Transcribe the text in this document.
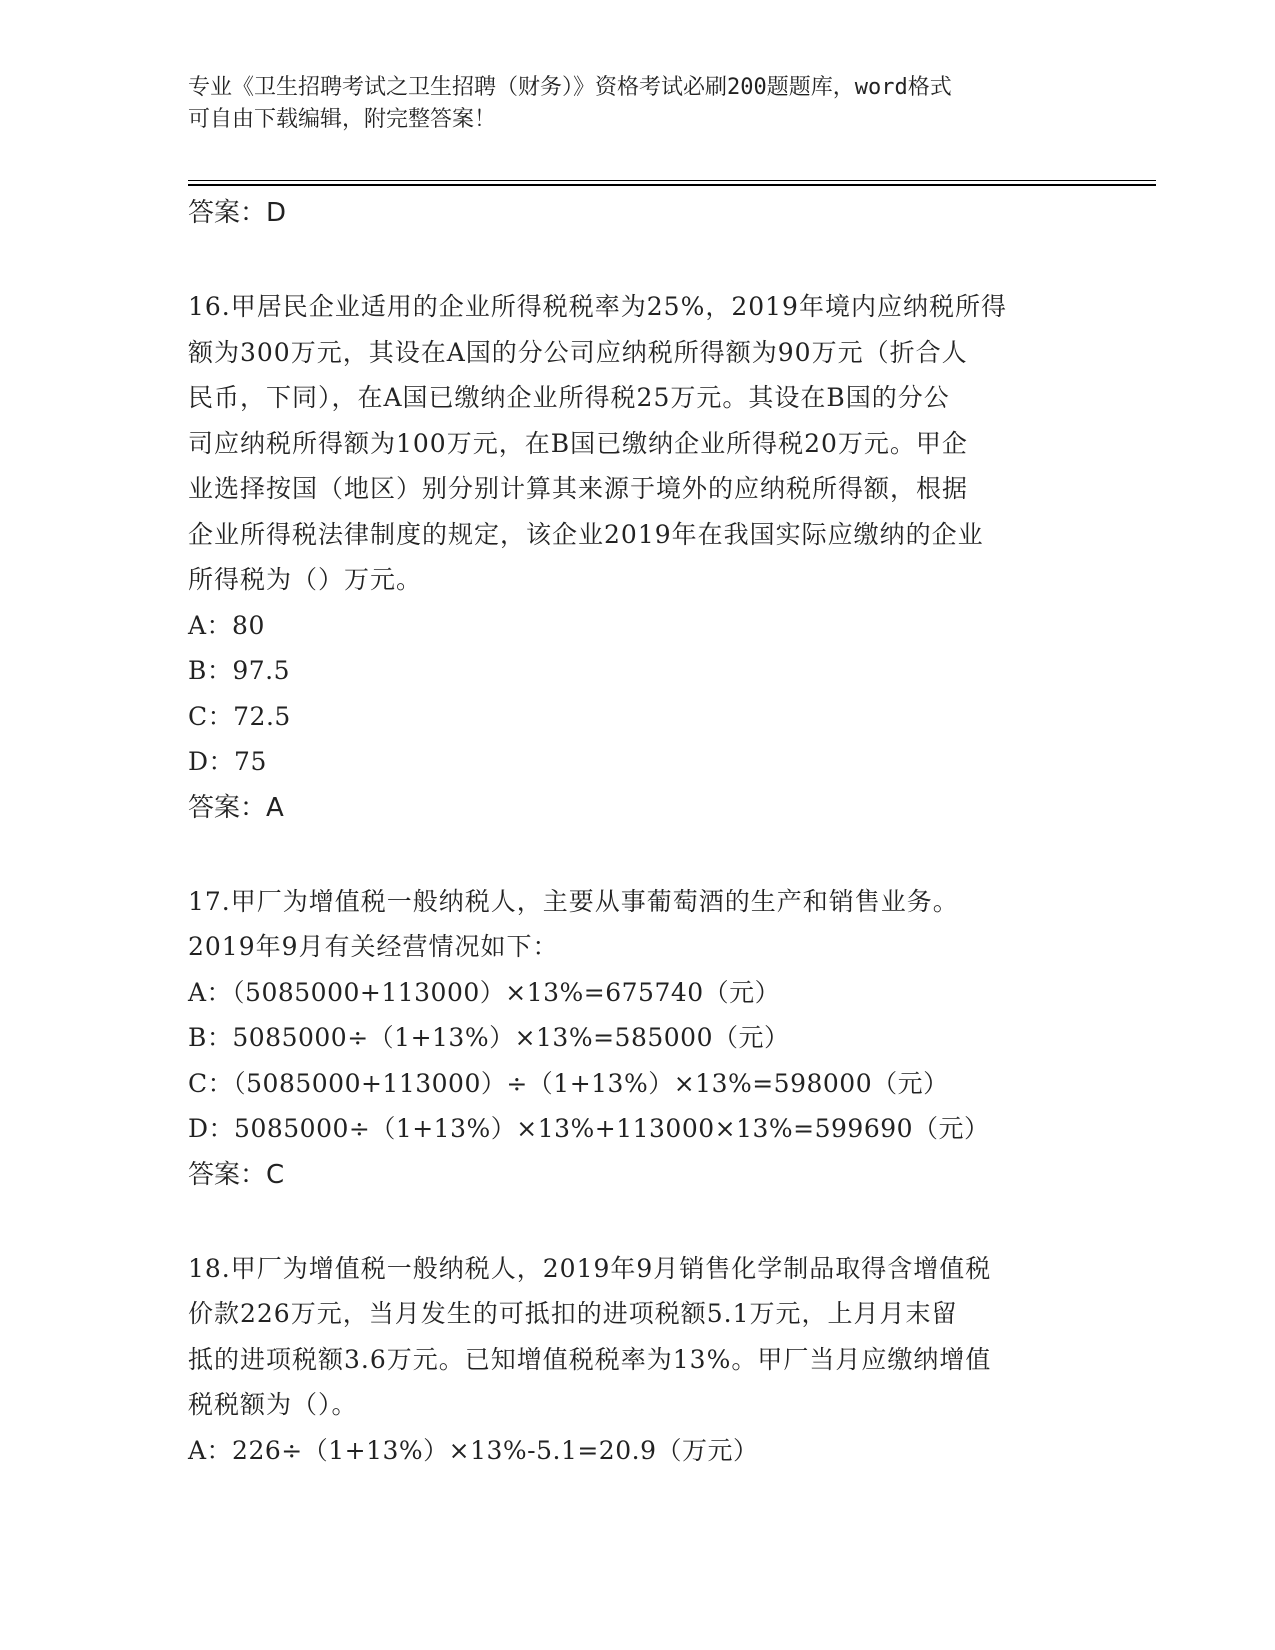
专业《卫生招聘考试之卫生招聘（财务）》资格考试必刷200题题库，word格式
可自由下载编辑，附完整答案！
答案：D
16.甲居民企业适用的企业所得税税率为25%，2019年境内应纳税所得
额为300万元，其设在A国的分公司应纳税所得额为90万元（折合人
民币，下同），在A国已缴纳企业所得税25万元。其设在B国的分公
司应纳税所得额为100万元，在B国已缴纳企业所得税20万元。甲企
业选择按国（地区）别分别计算其来源于境外的应纳税所得额，根据
企业所得税法律制度的规定，该企业2019年在我国实际应缴纳的企业
所得税为（）万元。
A：80
B：97.5
C：72.5
D：75
答案：A
17.甲厂为增值税一般纳税人，主要从事葡萄酒的生产和销售业务。
2019年9月有关经营情况如下：
A：（5085000+113000）×13%=675740（元）
B：5085000÷（1+13%）×13%=585000（元）
C：（5085000+113000）÷（1+13%）×13%=598000（元）
D：5085000÷（1+13%）×13%+113000×13%=599690（元）
答案：C
18.甲厂为增值税一般纳税人，2019年9月销售化学制品取得含增值税
价款226万元，当月发生的可抵扣的进项税额5.1万元，上月月末留
抵的进项税额3.6万元。已知增值税税率为13%。甲厂当月应缴纳增值
税税额为（）。
A：226÷（1+13%）×13%-5.1=20.9（万元）
